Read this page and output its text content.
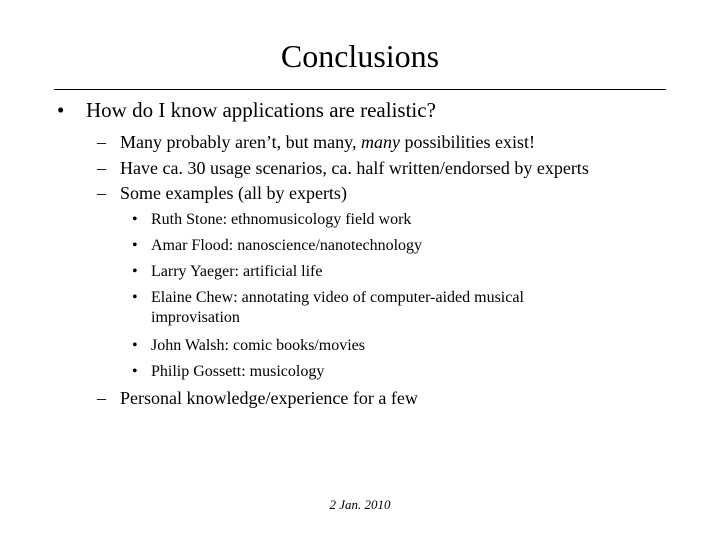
Conclusions
• How do I know applications are realistic?
– Many probably aren’t, but many, many possibilities exist!
– Have ca. 30 usage scenarios, ca. half written/endorsed by experts
– Some examples (all by experts)
• Ruth Stone: ethnomusicology field work
• Amar Flood: nanoscience/nanotechnology
• Larry Yaeger: artificial life
• Elaine Chew: annotating video of computer-aided musical improvisation
• John Walsh: comic books/movies
• Philip Gossett: musicology
– Personal knowledge/experience for a few
2 Jan. 2010
